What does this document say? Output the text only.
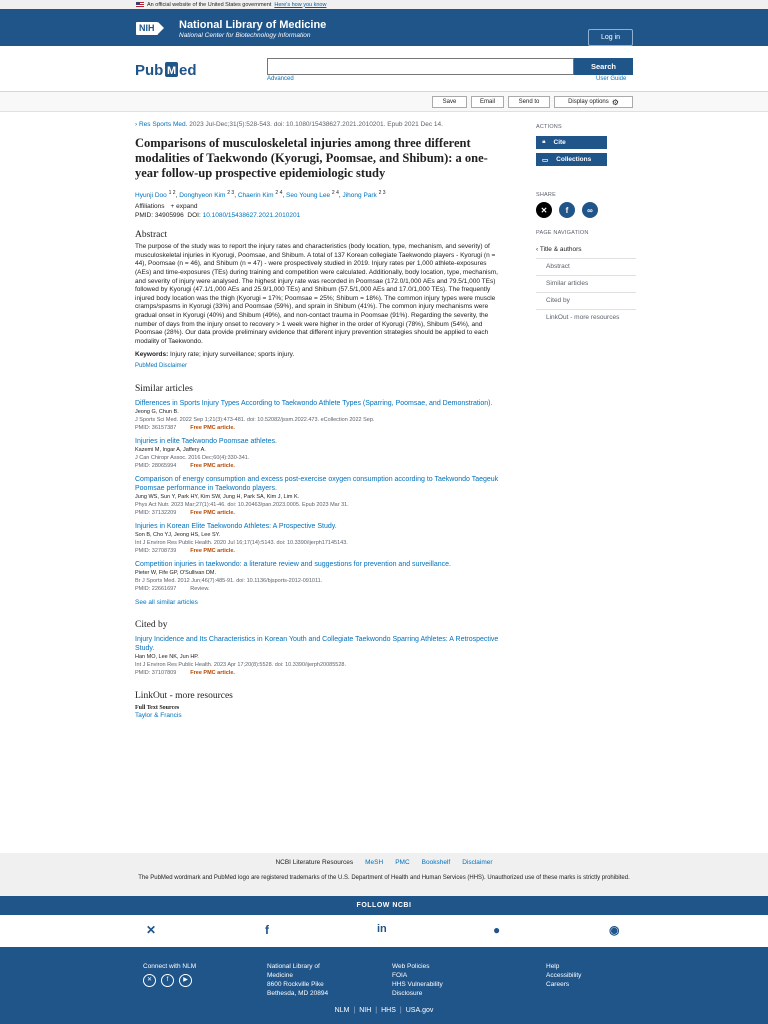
An official website of the United States government Here's how you know
NIH National Library of Medicine
National Center for Biotechnology Information	Log in
Pub M ed	Search
Advanced	User Guide
Save	Email	Send to	Display options ⚙
› Res Sports Med. 2023 Jul-Dec;31(5):528-543. doi: 10.1080/15438627.2021.2010201. Epub 2021 Dec 14.
Comparisons of musculoskeletal injuries among three different modalities of Taekwondo (Kyorugi, Poomsae, and Shibum): a one-year follow-up prospective epidemiologic study
Hyunji Doo $^{1 2}$, Donghyeon Kim $^{2 3}$, Chaerin Kim $^{2 4}$, Seo Young Lee $^{2 4}$, Jihong Park $^{2 3}$
Affiliations + expand
PMID: 34905996 DOI: 10.1080/15438627.2021.2010201
Abstract
The purpose of the study was to report the injury rates and characteristics (body location, type, mechanism, and severity) of musculoskeletal injuries in Kyorugi, Poomsae, and Shibum. A total of 137 Korean collegiate Taekwondo players - Kyorugi (n = 44), Poomsae (n = 46), and Shibum (n = 47) - were prospectively studied in 2019. Injury rates per 1,000 athlete-exposures (AEs) and time-exposures (TEs) during training and competition were calculated. Additionally, body location, type, mechanism, and severity of injury were analysed. The highest injury rate was recorded in Poomsae (172.0/1,000 AEs and 79.5/1,000 TEs) followed by Kyorugi (47.1/1,000 AEs and 25.9/1,000 TEs) and Shibum (57.5/1,000 AEs and 17.0/1,000 TEs). The frequently injured body location was the thigh (Kyorugi = 17%; Poomsae = 25%; Shibum = 18%). The common injury types were muscle cramps/spasms in Kyorugi (33%) and Poomsae (59%), and sprain in Shibum (41%). The common injury mechanisms were gradual onset in Kyorugi (40%) and Shibum (49%), and non-contact trauma in Poomsae (91%). Regarding the severity, the number of days from the injury onset to recovery > 1 week were higher in the order of Kyorugi (78%), Shibum (54%), and Poomsae (28%). Our data provide preliminary evidence that different injury prevention strategies should be applied to each modality of Taekwondo.
Keywords: Injury rate; injury surveillance; sports injury.
PubMed Disclaimer
Similar articles
Differences in Sports Injury Types According to Taekwondo Athlete Types (Sparring, Poomsae, and Demonstration).
Jeong G, Chun B.
J Sports Sci Med. 2022 Sep 1;21(3):473-481. doi: 10.52082/jssm.2022.473. eCollection 2022 Sep.
PMID: 36157387	Free PMC article.
Injuries in elite Taekwondo Poomsae athletes.
Kazemi M, Ingar A, Jaffery A.
J Can Chiropr Assoc. 2016 Dec;60(4):330-341.
PMID: 28065994	Free PMC article.
Comparison of energy consumption and excess post-exercise oxygen consumption according to Taekwondo Taegeuk Poomsae performance in Taekwondo players.
Jung WS, Sun Y, Park HY, Kim SW, Jung H, Park SA, Kim J, Lim K.
Phys Act Nutr. 2023 Mar;27(1):41-46. doi: 10.20463/pan.2023.0005. Epub 2023 Mar 31.
PMID: 37132209	Free PMC article.
Injuries in Korean Elite Taekwondo Athletes: A Prospective Study.
Son B, Cho YJ, Jeong HS, Lee SY.
Int J Environ Res Public Health. 2020 Jul 16;17(14):5143. doi: 10.3390/ijerph17145143.
PMID: 32708739	Free PMC article.
Competition injuries in taekwondo: a literature review and suggestions for prevention and surveillance.
Pieter W, Fife GP, O'Sullivan DM.
Br J Sports Med. 2012 Jun;46(7):485-91. doi: 10.1136/bjsports-2012-091011.
PMID: 22661697	Review.
See all similar articles
Cited by
Injury Incidence and Its Characteristics in Korean Youth and Collegiate Taekwondo Sparring Athletes: A Retrospective Study.
Han MO, Lee NK, Jun HP.
Int J Environ Res Public Health. 2023 Apr 17;20(8):5528. doi: 10.3390/ijerph20085528.
PMID: 37107809	Free PMC article.
LinkOut - more resources
Full Text Sources
Taylor & Francis
ACTIONS
❝ Cite
▭ Collections
SHARE
✕	f	∞
PAGE NAVIGATION
‹ Title & authors
Abstract
Similar articles
Cited by
LinkOut - more resources
NCBI Literature Resources MeSH PMC Bookshelf Disclaimer
The PubMed wordmark and PubMed logo are registered trademarks of the U.S. Department of Health and Human Services (HHS). Unauthorized use of these marks is strictly prohibited.
FOLLOW NCBI
✕	f	in	●	◉
Connect with NLM
✕	f	▶
National Library of
Medicine
8600 Rockville Pike
Bethesda, MD 20894
Web Policies
FOIA
HHS Vulnerability
Disclosure
Help
Accessibility
Careers
NLM | NIH | HHS | USA.gov
